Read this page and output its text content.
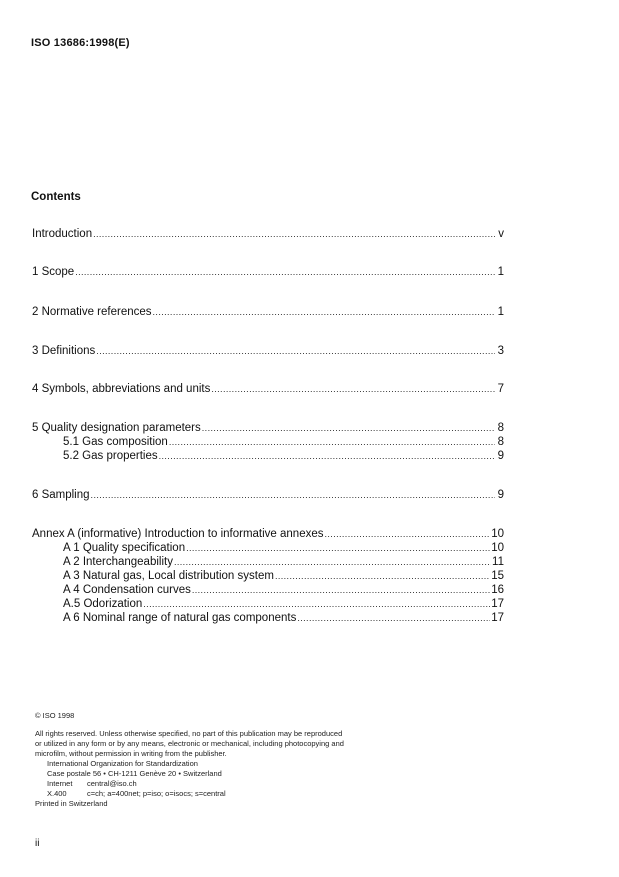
ISO 13686:1998(E)
Contents
Introduction .....	v
1 Scope .....	1
2 Normative references .....	1
3 Definitions .....	3
4 Symbols, abbreviations and units .....	7
5 Quality designation parameters .....	8
5.1 Gas composition .....	8
5.2 Gas properties .....	9
6 Sampling .....	9
Annex A (informative) Introduction to informative annexes .....	10
A 1 Quality specification .....	10
A 2 Interchangeability .....	11
A 3 Natural gas, Local distribution system .....	15
A 4 Condensation curves .....	16
A.5 Odorization .....	17
A 6 Nominal range of natural gas components .....	17
© ISO 1998
All rights reserved. Unless otherwise specified, no part of this publication may be reproduced
or utilized in any form or by any means, electronic or mechanical, including photocopying and
microfilm, without permission in writing from the publisher.
International Organization for Standardization
Case postale 56 • CH-1211 Genève 20 • Switzerland
Internet	central@iso.ch
X.400	c=ch; a=400net; p=iso; o=isocs; s=central
Printed in Switzerland
ii
